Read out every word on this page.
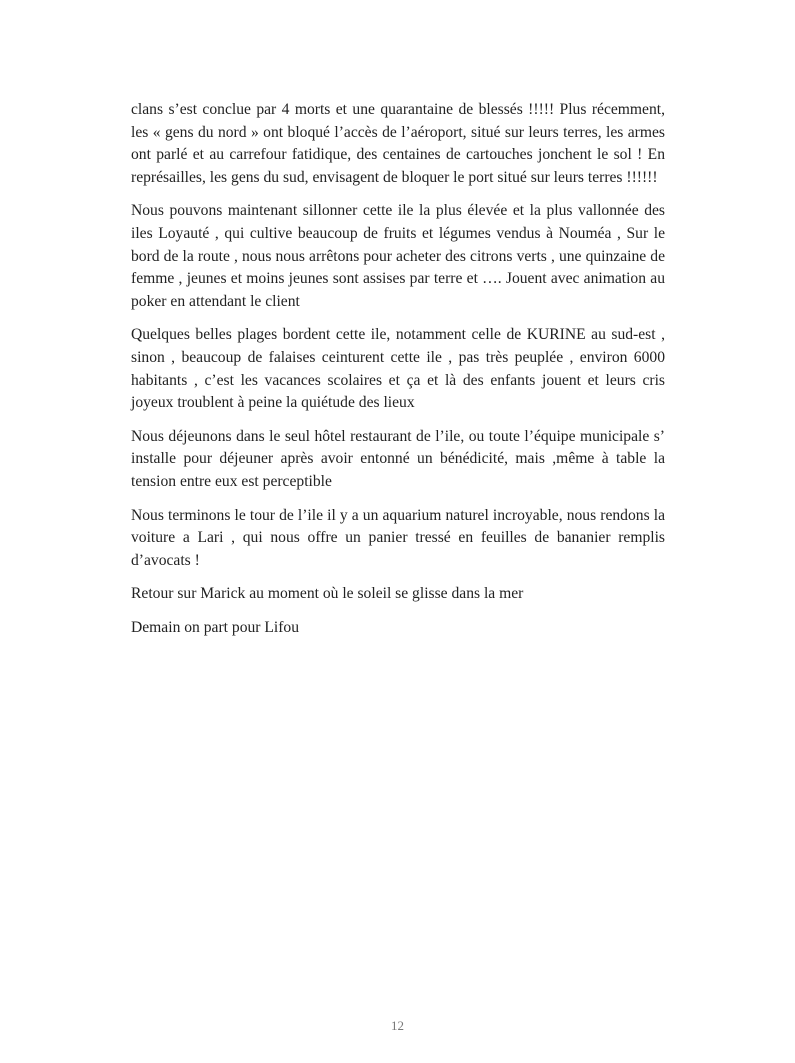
clans s’est conclue par 4 morts et une quarantaine de blessés !!!!! Plus récemment, les « gens du nord » ont bloqué l’accès de l’aéroport, situé sur leurs terres, les armes ont parlé et au carrefour fatidique, des centaines de cartouches jonchent le sol ! En représailles, les gens du sud, envisagent de bloquer le port situé sur leurs terres !!!!!!

Nous pouvons maintenant sillonner cette ile la plus élevée et la plus vallonnée des iles Loyauté , qui cultive beaucoup de fruits et légumes vendus à Nouméa , Sur le bord de la route , nous nous arrêtons pour acheter des citrons verts , une quinzaine de femme , jeunes et moins jeunes sont assises par terre et …. Jouent avec animation au poker en attendant le client

Quelques belles plages bordent cette ile, notamment celle de KURINE au sud-est , sinon , beaucoup de falaises ceinturent cette ile , pas très peuplée , environ 6000 habitants , c’est les vacances scolaires et ça et là des enfants jouent et leurs cris joyeux troublent à peine la quiétude des lieux

Nous déjeunons dans le seul hôtel restaurant de l’ile, ou toute l’équipe municipale s’ installe pour déjeuner après avoir entonné un bénédicité, mais ,même à table la tension entre eux est perceptible

Nous terminons le tour de l’ile il y a un aquarium naturel incroyable, nous rendons la voiture a Lari , qui nous offre un panier tressé en feuilles de bananier remplis d’avocats !

Retour sur Marick au moment où le soleil se glisse dans la mer

Demain on part pour Lifou

12
